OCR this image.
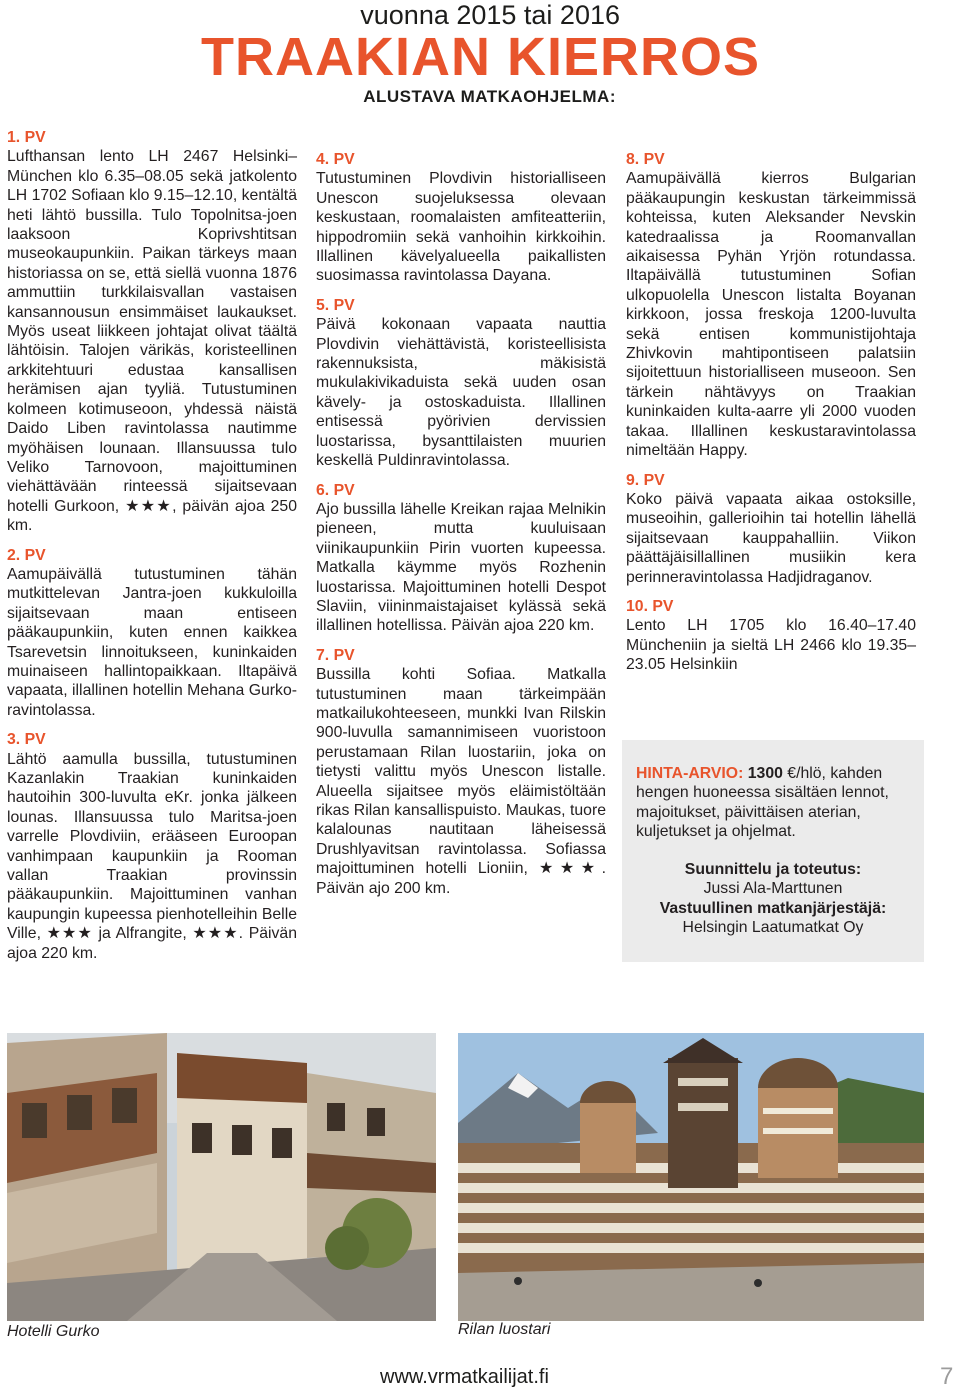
vuonna 2015 tai 2016
TRAAKIAN KIERROS
ALUSTAVA MATKAOHJELMA:
1. PV
Lufthansan lento LH 2467 Helsinki–München klo 6.35–08.05 sekä jatkolento LH 1702 Sofiaan klo 9.15–12.10, kentältä heti lähtö bussilla. Tulo Topolnitsa-joen laaksoon Koprivshtitsan museokaupunkiin. Paikan tärkeys maan historiassa on se, että siellä vuonna 1876 ammuttiin turkkilaisvallan vastaisen kansannousun ensimmäiset laukaukset. Myös useat liikkeen johtajat olivat täältä lähtöisin. Talojen värikäs, koristeellinen arkkitehtuuri edustaa kansallisen herämisen ajan tyyliä. Tutustuminen kolmeen kotimuseoon, yhdessä näistä Daido Liben ravintolassa nautimme myöhäisen lounaan. Illansuussa tulo Veliko Tarnovoon, majoittuminen viehättävään rinteessä sijaitsevaan hotelli Gurkoon, ★★★, päivän ajoa 250 km.
2. PV
Aamupäivällä tutustuminen tähän mutkittelevan Jantra-joen kukkuloilla sijaitsevaan maan entiseen pääkaupunkiin, kuten ennen kaikkea Tsarevetsin linnoitukseen, kuninkaiden muinaiseen hallintopaikkaan. Iltapäivä vapaata, illallinen hotellin Mehana Gurko-ravintolassa.
3. PV
Lähtö aamulla bussilla, tutustuminen Kazanlakin Traakian kuninkaiden hautoihin 300-luvulta eKr. jonka jälkeen lounas. Illansuussa tulo Maritsa-joen varrelle Plovdiviin, erääseen Euroopan vanhimpaan kaupunkiin ja Rooman vallan Traakian provinssin pääkaupunkiin. Majoittuminen vanhan kaupungin kupeessa pienhotelleihin Belle Ville, ★★★ ja Alfrangite, ★★★. Päivän ajoa 220 km.
4. PV
Tutustuminen Plovdivin historialliseen Unescon suojeluksessa olevaan keskustaan, roomalaisten amfiteatteriin, hippodromiin sekä vanhoihin kirkkoihin. Illallinen kävelyalueella paikallisten suosimassa ravintolassa Dayana.
5. PV
Päivä kokonaan vapaata nauttia Plovdivin viehättävistä, koristeellisista rakennuksista, mäkisistä mukulakivikaduista sekä uuden osan kävely- ja ostoskaduista. Illallinen entisessä pyörivien dervissien luostarissa, bysanttilaisten muurien keskellä Puldinravintolassa.
6. PV
Ajo bussilla lähelle Kreikan rajaa Melnikin pieneen, mutta kuuluisaan viinikaupunkiin Pirin vuorten kupeessa. Matkalla käymme myös Rozhenin luostarissa. Majoittuminen hotelli Despot Slaviin, viininmaistajaiset kylässä sekä illallinen hotellissa. Päivän ajoa 220 km.
7. PV
Bussilla kohti Sofiaa. Matkalla tutustuminen maan tärkeimpään matkailukohteeseen, munkki Ivan Rilskin 900-luvulla samannimiseen vuoristoon perustamaan Rilan luostariin, joka on tietysti valittu myös Unescon listalle. Alueella sijaitsee myös eläimistöltään rikas Rilan kansallispuisto. Maukas, tuore kalalounas nautitaan läheisessä Drushlyavitsan ravintolassa. Sofiassa majoittuminen hotelli Lioniin, ★★★. Päivän ajo 200 km.
8. PV
Aamupäivällä kierros Bulgarian pääkaupungin keskustan tärkeimmissä kohteissa, kuten Aleksander Nevskin katedraalissa ja Roomanvallan aikaisessa Pyhän Yrjön rotundassa. Iltapäivällä tutustuminen Sofian ulkopuolella Unescon listalta Boyanan kirkkoon, jossa freskoja 1200-luvulta sekä entisen kommunistijohtaja Zhivkovin mahtipontiseen palatsiin sijoitettuun historialliseen museoon. Sen tärkein nähtävyys on Traakian kuninkaiden kulta-aarre yli 2000 vuoden takaa. Illallinen keskustaravintolassa nimeltään Happy.
9. PV
Koko päivä vapaata aikaa ostoksille, museoihin, gallerioihin tai hotellin lähellä sijaitsevaan kauppahalliin. Viikon päättäjäisillallinen musiikin kera perinneravintolassa Hadjidraganov.
10. PV
Lento LH 1705 klo 16.40–17.40 Müncheniin ja sieltä LH 2466 klo 19.35–23.05 Helsinkiin
HINTA-ARVIO: 1300 €/hlö, kahden hengen huoneessa sisältäen lennot, majoitukset, päivittäisen aterian, kuljetukset ja ohjelmat.
Suunnittelu ja toteutus:
Jussi Ala-Marttunen
Vastuullinen matkanjärjestäjä:
Helsingin Laatumatkat Oy
Hotelli Gurko	Rilan luostari
www.vrmatkailijat.fi	7
